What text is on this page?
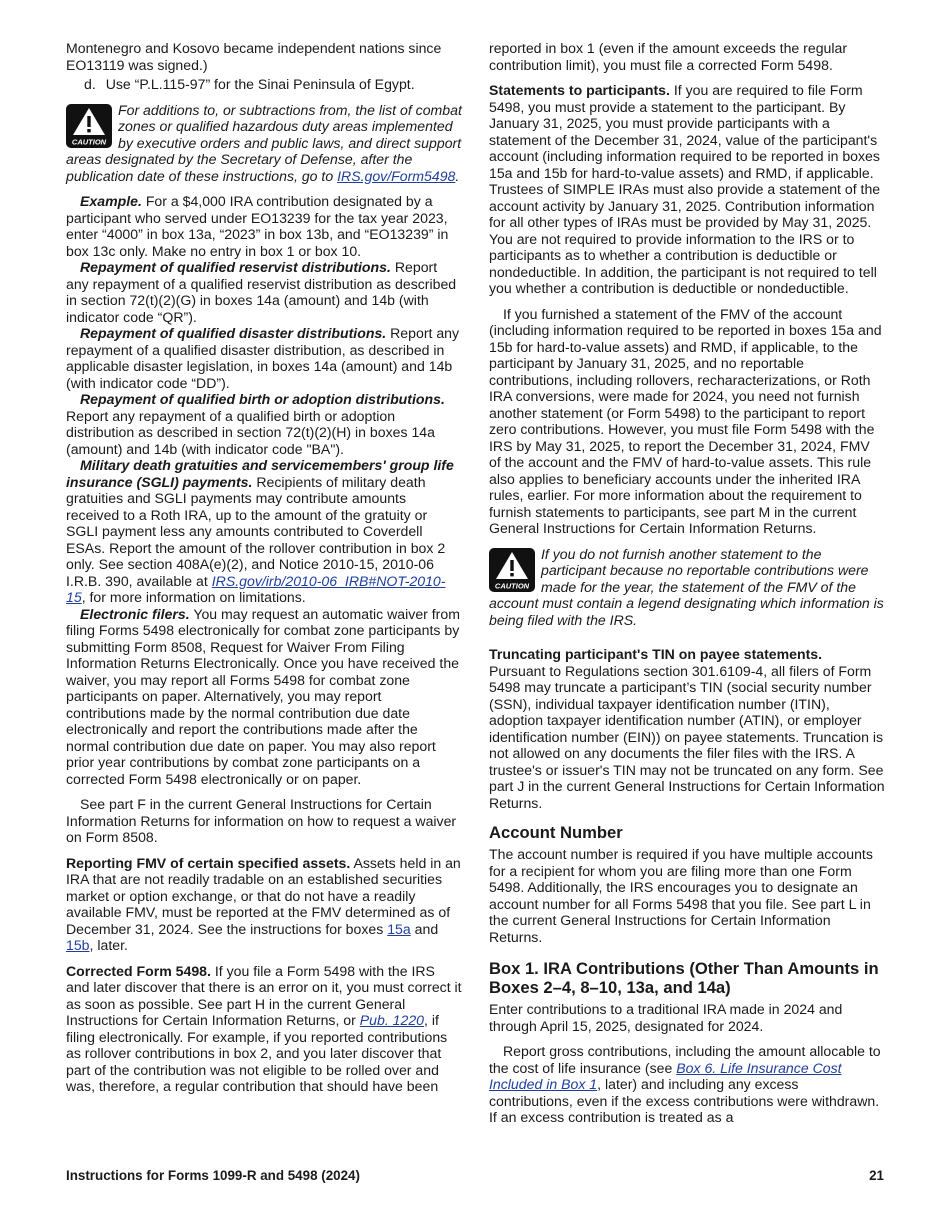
Montenegro and Kosovo became independent nations since EO13119 was signed.)

d. Use “P.L.115-97” for the Sinai Peninsula of Egypt.

CAUTION
For additions to, or subtractions from, the list of combat zones or qualified hazardous duty areas implemented by executive orders and public laws, and direct support areas designated by the Secretary of Defense, after the publication date of these instructions, go to IRS.gov/Form5498.

Example. For a $4,000 IRA contribution designated by a participant who served under EO13239 for the tax year 2023, enter “4000” in box 13a, “2023” in box 13b, and “EO13239” in box 13c only. Make no entry in box 1 or box 10.

Repayment of qualified reservist distributions. Report any repayment of a qualified reservist distribution as described in section 72(t)(2)(G) in boxes 14a (amount) and 14b (with indicator code “QR”).

Repayment of qualified disaster distributions. Report any repayment of a qualified disaster distribution, as described in applicable disaster legislation, in boxes 14a (amount) and 14b (with indicator code “DD”).

Repayment of qualified birth or adoption distributions. Report any repayment of a qualified birth or adoption distribution as described in section 72(t)(2)(H) in boxes 14a (amount) and 14b (with indicator code "BA").

Military death gratuities and servicemembers' group life insurance (SGLI) payments. Recipients of military death gratuities and SGLI payments may contribute amounts received to a Roth IRA, up to the amount of the gratuity or SGLI payment less any amounts contributed to Coverdell ESAs. Report the amount of the rollover contribution in box 2 only. See section 408A(e)(2), and Notice 2010-15, 2010-06 I.R.B. 390, available at IRS.gov/irb/2010-06_IRB#NOT-2010-15, for more information on limitations.

Electronic filers. You may request an automatic waiver from filing Forms 5498 electronically for combat zone participants by submitting Form 8508, Request for Waiver From Filing Information Returns Electronically. Once you have received the waiver, you may report all Forms 5498 for combat zone participants on paper. Alternatively, you may report contributions made by the normal contribution due date electronically and report the contributions made after the normal contribution due date on paper. You may also report prior year contributions by combat zone participants on a corrected Form 5498 electronically or on paper.

See part F in the current General Instructions for Certain Information Returns for information on how to request a waiver on Form 8508.

Reporting FMV of certain specified assets. Assets held in an IRA that are not readily tradable on an established securities market or option exchange, or that do not have a readily available FMV, must be reported at the FMV determined as of December 31, 2024. See the instructions for boxes 15a and 15b, later.

Corrected Form 5498. If you file a Form 5498 with the IRS and later discover that there is an error on it, you must correct it as soon as possible. See part H in the current General Instructions for Certain Information Returns, or Pub. 1220, if filing electronically. For example, if you reported contributions as rollover contributions in box 2, and you later discover that part of the contribution was not eligible to be rolled over and was, therefore, a regular contribution that should have been

reported in box 1 (even if the amount exceeds the regular contribution limit), you must file a corrected Form 5498.

Statements to participants. If you are required to file Form 5498, you must provide a statement to the participant. By January 31, 2025, you must provide participants with a statement of the December 31, 2024, value of the participant's account (including information required to be reported in boxes 15a and 15b for hard-to-value assets) and RMD, if applicable. Trustees of SIMPLE IRAs must also provide a statement of the account activity by January 31, 2025. Contribution information for all other types of IRAs must be provided by May 31, 2025. You are not required to provide information to the IRS or to participants as to whether a contribution is deductible or nondeductible. In addition, the participant is not required to tell you whether a contribution is deductible or nondeductible.

If you furnished a statement of the FMV of the account (including information required to be reported in boxes 15a and 15b for hard-to-value assets) and RMD, if applicable, to the participant by January 31, 2025, and no reportable contributions, including rollovers, recharacterizations, or Roth IRA conversions, were made for 2024, you need not furnish another statement (or Form 5498) to the participant to report zero contributions. However, you must file Form 5498 with the IRS by May 31, 2025, to report the December 31, 2024, FMV of the account and the FMV of hard-to-value assets. This rule also applies to beneficiary accounts under the inherited IRA rules, earlier. For more information about the requirement to furnish statements to participants, see part M in the current General Instructions for Certain Information Returns.

CAUTION
If you do not furnish another statement to the participant because no reportable contributions were made for the year, the statement of the FMV of the account must contain a legend designating which information is being filed with the IRS.

Truncating participant's TIN on payee statements.
Pursuant to Regulations section 301.6109-4, all filers of Form 5498 may truncate a participant’s TIN (social security number (SSN), individual taxpayer identification number (ITIN), adoption taxpayer identification number (ATIN), or employer identification number (EIN)) on payee statements. Truncation is not allowed on any documents the filer files with the IRS. A trustee's or issuer's TIN may not be truncated on any form. See part J in the current General Instructions for Certain Information Returns.

Account Number

The account number is required if you have multiple accounts for a recipient for whom you are filing more than one Form 5498. Additionally, the IRS encourages you to designate an account number for all Forms 5498 that you file. See part L in the current General Instructions for Certain Information Returns.

Box 1. IRA Contributions (Other Than Amounts in Boxes 2–4, 8–10, 13a, and 14a)

Enter contributions to a traditional IRA made in 2024 and through April 15, 2025, designated for 2024.

Report gross contributions, including the amount allocable to the cost of life insurance (see Box 6. Life Insurance Cost Included in Box 1, later) and including any excess contributions, even if the excess contributions were withdrawn. If an excess contribution is treated as a

Instructions for Forms 1099-R and 5498 (2024)	21
